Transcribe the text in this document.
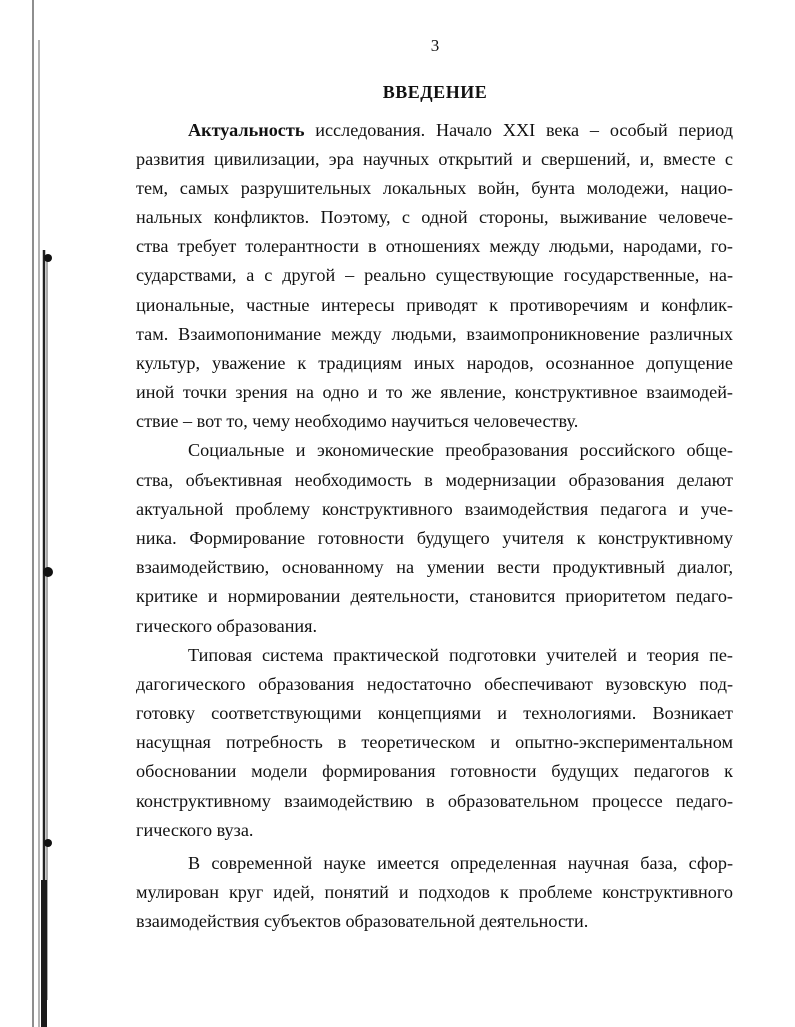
3
ВВЕДЕНИЕ
Актуальность исследования. Начало XXI века – особый период
развития цивилизации, эра научных открытий и свершений, и, вместе с
тем, самых разрушительных локальных войн, бунта молодежи, нацио-
нальных конфликтов. Поэтому, с одной стороны, выживание человече-
ства требует толерантности в отношениях между людьми, народами, го-
сударствами, а с другой – реально существующие государственные, на-
циональные, частные интересы приводят к противоречиям и конфлик-
там. Взаимопонимание между людьми, взаимопроникновение различных
культур, уважение к традициям иных народов, осознанное допущение
иной точки зрения на одно и то же явление, конструктивное взаимодей-
ствие – вот то, чему необходимо научиться человечеству.
Социальные и экономические преобразования российского обще-
ства, объективная необходимость в модернизации образования делают
актуальной проблему конструктивного взаимодействия педагога и уче-
ника. Формирование готовности будущего учителя к конструктивному
взаимодействию, основанному на умении вести продуктивный диалог,
критике и нормировании деятельности, становится приоритетом педаго-
гического образования.
Типовая система практической подготовки учителей и теория пе-
дагогического образования недостаточно обеспечивают вузовскую под-
готовку соответствующими концепциями и технологиями. Возникает
насущная потребность в теоретическом и опытно-экспериментальном
обосновании модели формирования готовности будущих педагогов к
конструктивному взаимодействию в образовательном процессе педаго-
гического вуза.
В современной науке имеется определенная научная база, сфор-
мулирован круг идей, понятий и подходов к проблеме конструктивного
взаимодействия субъектов образовательной деятельности.
